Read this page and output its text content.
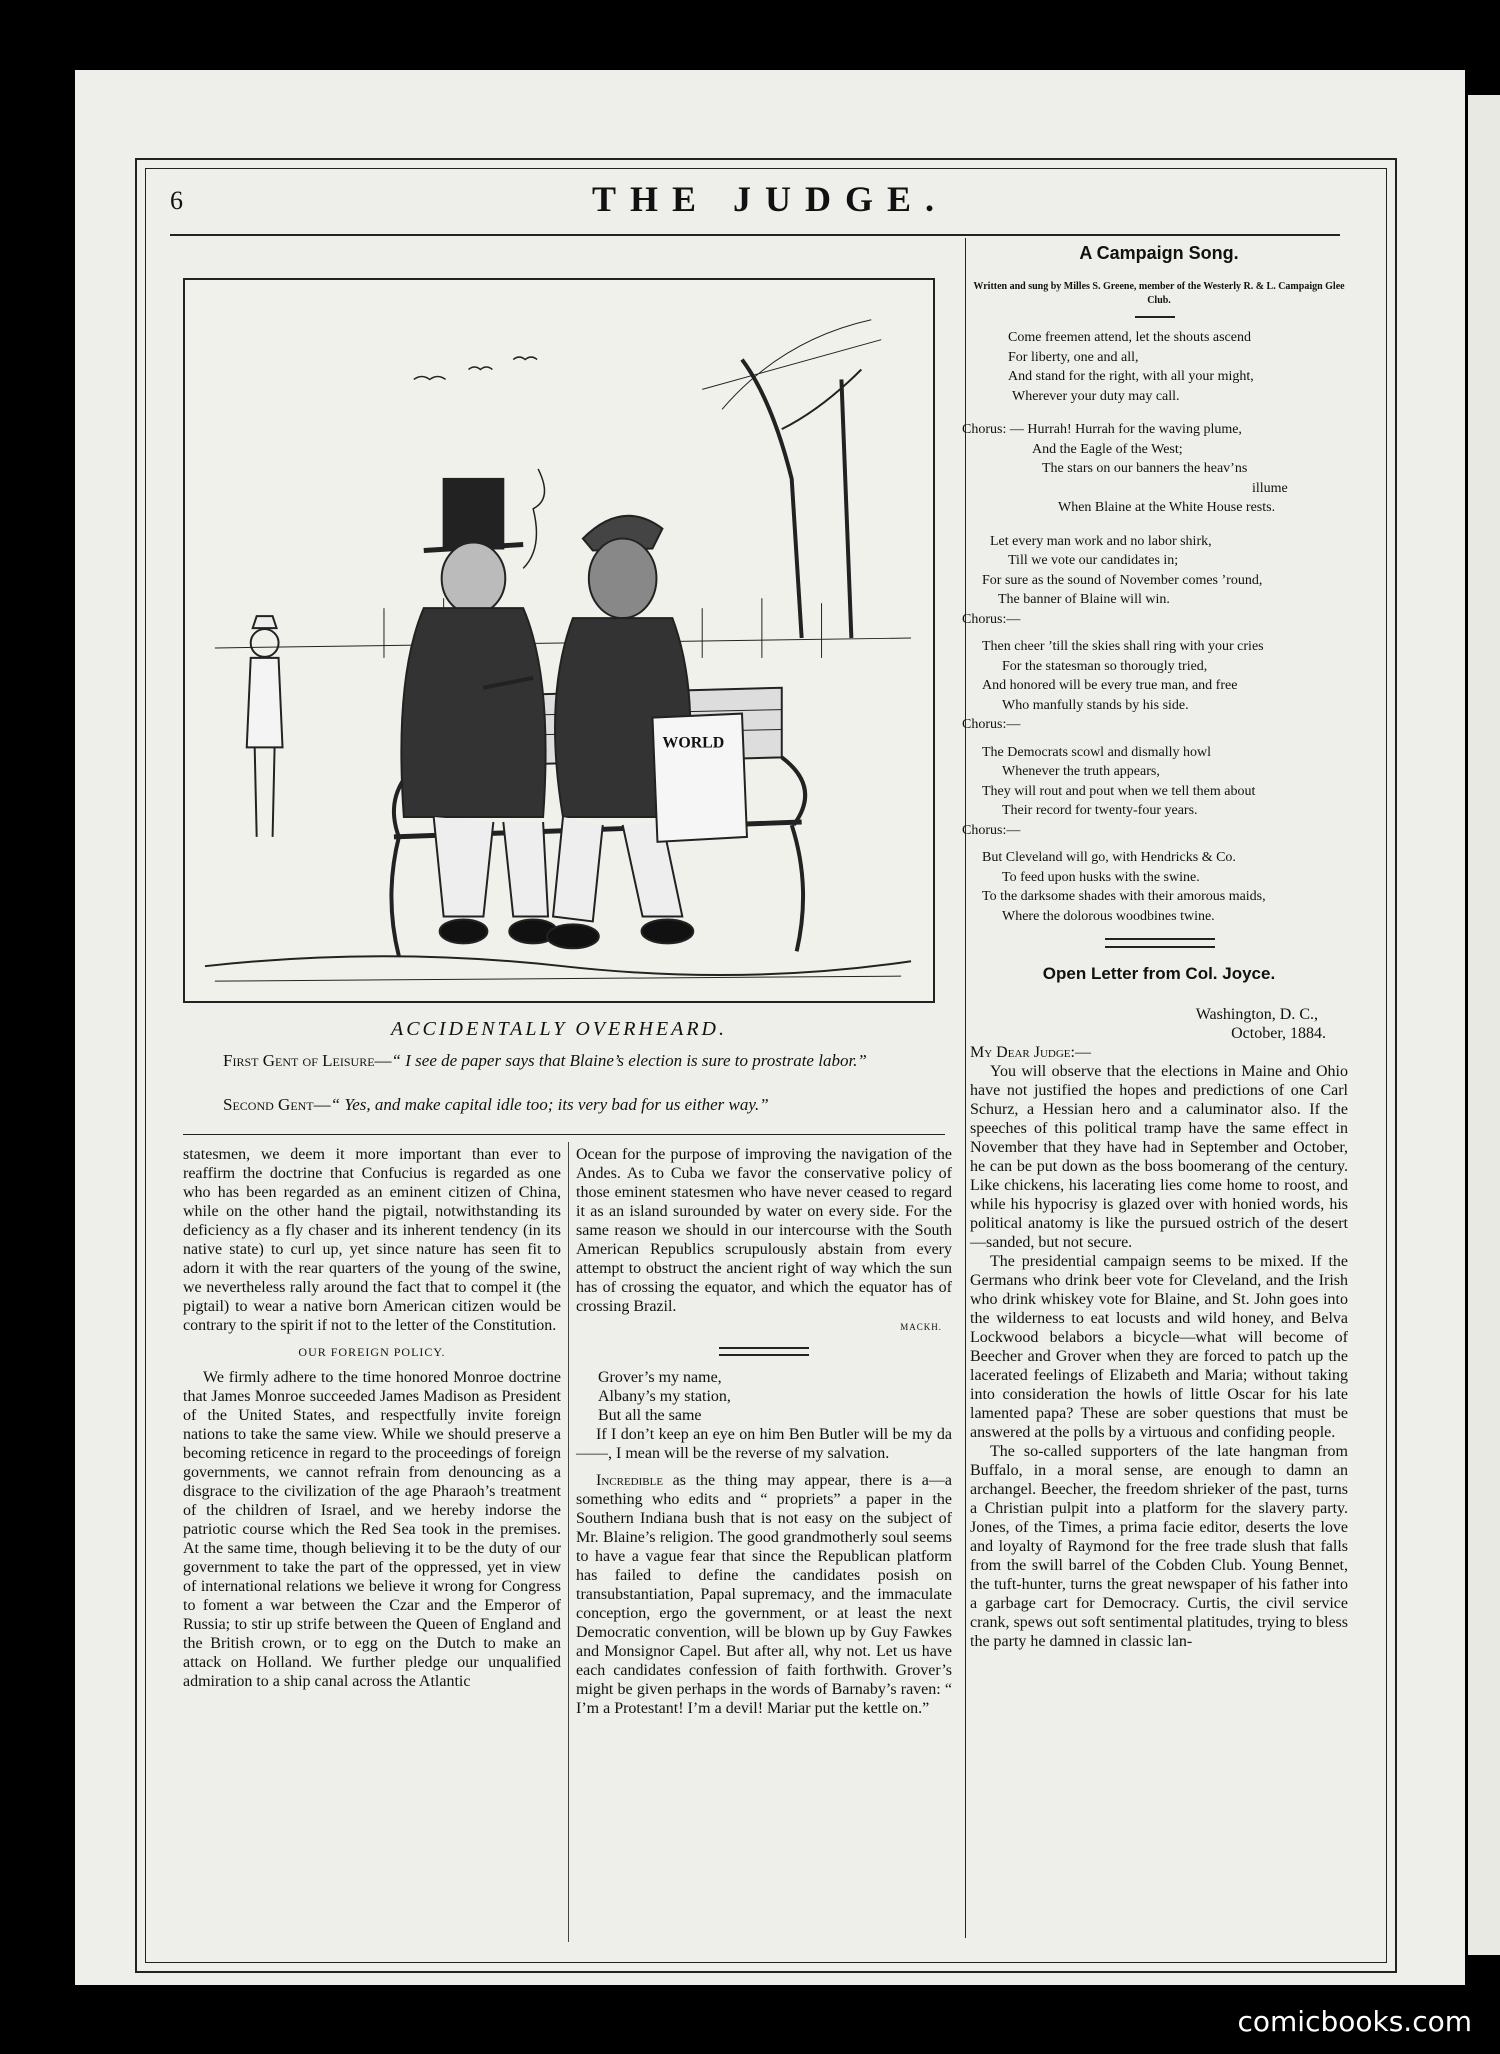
6	THE JUDGE.
WORLD
ACCIDENTALLY OVERHEARD.
First Gent of Leisure—“ I see de paper says that Blaine’s election is sure to prostrate labor.”
Second Gent—“ Yes, and make capital idle too; its very bad for us either way.”

statesmen, we deem it more important than ever to reaffirm the doctrine that Confucius is regarded as one who has been regarded as an eminent citizen of China, while on the other hand the pigtail, notwithstanding its deficiency as a fly chaser and its inherent tendency (in its native state) to curl up, yet since nature has seen fit to adorn it with the rear quarters of the young of the swine, we nevertheless rally around the fact that to compel it (the pigtail) to wear a native born American citizen would be contrary to the spirit if not to the letter of the Constitution.

OUR FOREIGN POLICY.

We firmly adhere to the time honored Monroe doctrine that James Monroe succeeded James Madison as President of the United States, and respectfully invite foreign nations to take the same view. While we should preserve a becoming reticence in regard to the proceedings of foreign governments, we cannot refrain from denouncing as a disgrace to the civilization of the age Pharaoh’s treatment of the children of Israel, and we hereby indorse the patriotic course which the Red Sea took in the premises. At the same time, though believing it to be the duty of our government to take the part of the oppressed, yet in view of international relations we believe it wrong for Congress to foment a war between the Czar and the Emperor of Russia; to stir up strife between the Queen of England and the British crown, or to egg on the Dutch to make an attack on Holland. We further pledge our unqualified admiration to a ship canal across the Atlantic

Ocean for the purpose of improving the navigation of the Andes. As to Cuba we favor the conservative policy of those eminent statesmen who have never ceased to regard it as an island surounded by water on every side. For the same reason we should in our intercourse with the South American Republics scrupulously abstain from every attempt to obstruct the ancient right of way which the sun has of crossing the equator, and which the equator has of crossing Brazil.

MACKH.

Grover’s my name,

Albany’s my station,

But all the same

If I don’t keep an eye on him Ben Butler will be my da——, I mean will be the reverse of my salvation.

Incredible as the thing may appear, there is a—a something who edits and “ propriets” a paper in the Southern Indiana bush that is not easy on the subject of Mr. Blaine’s religion. The good grandmotherly soul seems to have a vague fear that since the Republican platform has failed to define the candidates posish on transubstantiation, Papal supremacy, and the immaculate conception, ergo the government, or at least the next Democratic convention, will be blown up by Guy Fawkes and Monsignor Capel. But after all, why not. Let us have each candidates confession of faith forthwith. Grover’s might be given perhaps in the words of Barnaby’s raven: “ I’m a Protestant! I’m a devil! Mariar put the kettle on.”

A Campaign Song.
Written and sung by Milles S. Greene, member of the Westerly R. & L. Campaign Glee Club.

Come freemen attend, let the shouts ascend

For liberty, one and all,

And stand for the right, with all your might,

Wherever your duty may call.

Chorus: — Hurrah! Hurrah for the waving plume,

And the Eagle of the West;

The stars on our banners the heav’ns

illume

When Blaine at the White House rests.

Let every man work and no labor shirk,

Till we vote our candidates in;

For sure as the sound of November comes ’round,

The banner of Blaine will win.

Chorus:—

Then cheer ’till the skies shall ring with your cries

For the statesman so thorougly tried,

And honored will be every true man, and free

Who manfully stands by his side.

Chorus:—

The Democrats scowl and dismally howl

Whenever the truth appears,

They will rout and pout when we tell them about

Their record for twenty-four years.

Chorus:—

But Cleveland will go, with Hendricks & Co.

To feed upon husks with the swine.

To the darksome shades with their amorous maids,

Where the dolorous woodbines twine.

Open Letter from Col. Joyce.

Washington, D. C.,

October, 1884.

My Dear Judge:—

You will observe that the elections in Maine and Ohio have not justified the hopes and predictions of one Carl Schurz, a Hessian hero and a caluminator also. If the speeches of this political tramp have the same effect in November that they have had in September and October, he can be put down as the boss boomerang of the century. Like chickens, his lacerating lies come home to roost, and while his hypocrisy is glazed over with honied words, his political anatomy is like the pursued ostrich of the desert —sanded, but not secure.

The presidential campaign seems to be mixed. If the Germans who drink beer vote for Cleveland, and the Irish who drink whiskey vote for Blaine, and St. John goes into the wilderness to eat locusts and wild honey, and Belva Lockwood belabors a bicycle—what will become of Beecher and Grover when they are forced to patch up the lacerated feelings of Elizabeth and Maria; without taking into consideration the howls of little Oscar for his late lamented papa? These are sober questions that must be answered at the polls by a virtuous and confiding people.

The so-called supporters of the late hangman from Buffalo, in a moral sense, are enough to damn an archangel. Beecher, the freedom shrieker of the past, turns a Christian pulpit into a platform for the slavery party. Jones, of the Times, a prima facie editor, deserts the love and loyalty of Raymond for the free trade slush that falls from the swill barrel of the Cobden Club. Young Bennet, the tuft-hunter, turns the great newspaper of his father into a garbage cart for Democracy. Curtis, the civil service crank, spews out soft sentimental platitudes, trying to bless the party he damned in classic lan-

comicbooks.com
